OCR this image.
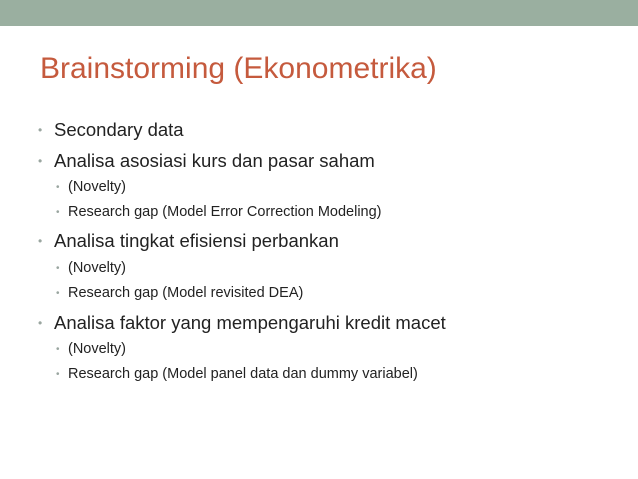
Brainstorming (Ekonometrika)
• Secondary data
• Analisa asosiasi kurs dan pasar saham
• (Novelty)
• Research gap (Model Error Correction Modeling)
• Analisa tingkat efisiensi perbankan
• (Novelty)
• Research gap (Model revisited DEA)
• Analisa faktor yang mempengaruhi kredit macet
• (Novelty)
• Research gap (Model panel data dan dummy variabel)
